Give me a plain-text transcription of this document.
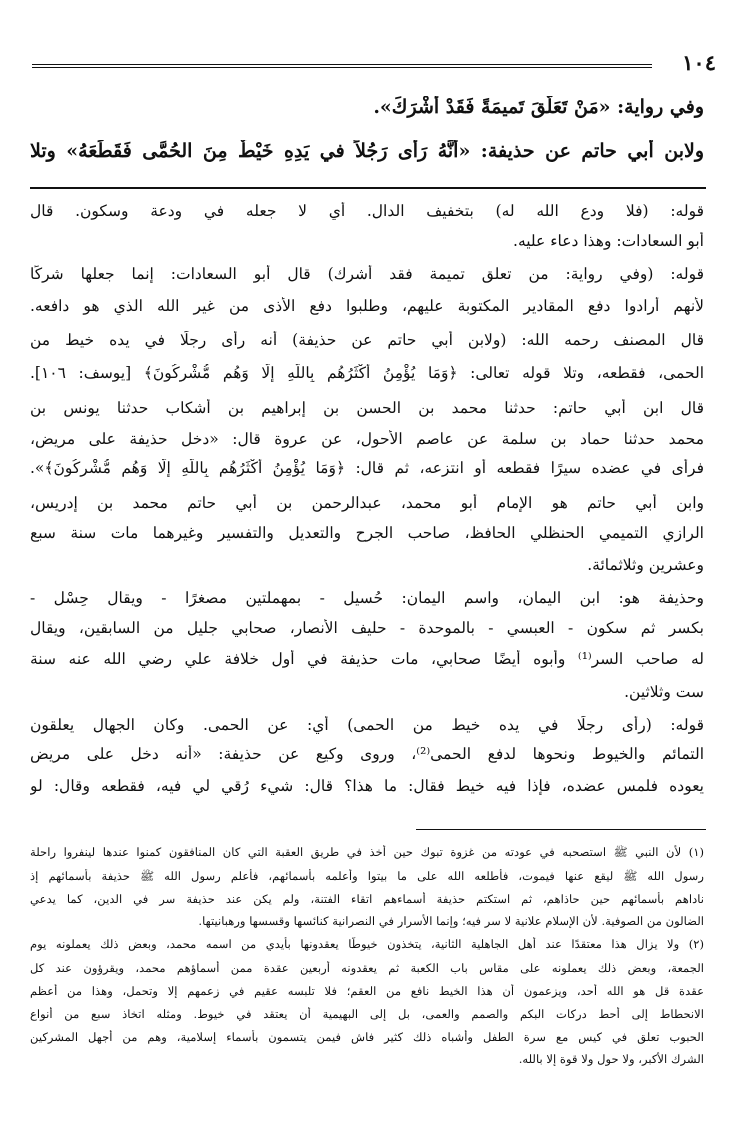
١٠٤
وفي رواية: «مَنْ تَعَلَّقَ تَميمَةً فَقَدْ أَشْرَكَ».
ولابن أبي حاتم عن حذيفة: «أَنَّهُ رَأَى رَجُلاً في يَدِهِ خَيْطٌ مِنَ الحُمَّى فَقَطَعَهُ» وتلا
قوله: (فلا ودع الله له) بتخفيف الدال. أي لا جعله في ودعة وسكون. قال
أبو السعادات: وهذا دعاء عليه.
قوله: (وفي رواية: من تعلق تميمة فقد أشرك) قال أبو السعادات: إنما جعلها شركًا
لأنهم أرادوا دفع المقادير المكتوبة عليهم، وطلبوا دفع الأذى من غير الله الذي هو دافعه.
قال المصنف رحمه الله: (ولابن أبي حاتم عن حذيفة) أنه رأى رجلًا في يده خيط من
الحمى، فقطعه، وتلا قوله تعالى: ﴿وَمَا يُؤْمِنُ أَكْثَرُهُم بِاللَّهِ إِلَّا وَهُم مُّشْرِكُونَ﴾ [يوسف: ١٠٦].
قال ابن أبي حاتم: حدثنا محمد بن الحسن بن إبراهيم بن أشكاب حدثنا يونس بن
محمد حدثنا حماد بن سلمة عن عاصم الأحول، عن عروة قال: «دخل حذيفة على مريض،
فرأى في عضده سيرًا فقطعه أو انتزعه، ثم قال: ﴿وَمَا يُؤْمِنُ أَكْثَرُهُم بِاللَّهِ إِلَّا وَهُم مُّشْرِكُونَ﴾».
وابن أبي حاتم هو الإمام أبو محمد، عبدالرحمن بن أبي حاتم محمد بن إدريس،
الرازي التميمي الحنظلي الحافظ، صاحب الجرح والتعديل والتفسير وغيرهما مات سنة سبع
وعشرين وثلاثمائة.
وحذيفة هو: ابن اليمان، واسم اليمان: حُسيل - بمهملتين مصغرًا - ويقال حِسْل -
بكسر ثم سكون - العبسي - بالموحدة - حليف الأنصار، صحابي جليل من السابقين، ويقال
له صاحب السر⁽¹⁾ وأبوه أيضًا صحابي، مات حذيفة في أول خلافة علي رضي الله عنه سنة
ست وثلاثين.
قوله: (رأى رجلًا في يده خيط من الحمى) أي: عن الحمى. وكان الجهال يعلقون
التمائم والخيوط ونحوها لدفع الحمى⁽²⁾، وروى وكيع عن حذيفة: «أنه دخل على مريض
يعوده فلمس عضده، فإذا فيه خيط فقال: ما هذا؟ قال: شيء رُقي لي فيه، فقطعه وقال: لو
(١) لأن النبي ﷺ استصحبه في عودته من غزوة تبوك حين أخذ في طريق العقبة التي كان المنافقون كمنوا عندها لينفروا راحلة
رسول الله ﷺ ليقع عنها فيموت، فأطلعه الله على ما بيتوا وأعلمه بأسمائهم، فأعلم رسول الله ﷺ حذيفة بأسمائهم إذ
ناداهم بأسمائهم حين حاذاهم، ثم استكتم حذيفة أسماءهم اتقاء الفتنة، ولم يكن عند حذيفة سر في الدين، كما يدعي
الضالون من الصوفية. لأن الإسلام علانية لا سر فيه؛ وإنما الأسرار في النصرانية كنائسها وقسسها ورهبانيتها.
(٢) ولا يزال هذا معتقدًا عند أهل الجاهلية الثانية، يتخذون خيوطًا يعقدونها بأيدي من اسمه محمد، وبعض ذلك يعملونه يوم
الجمعة، وبعض ذلك يعملونه على مقاس باب الكعبة ثم يعقدونه أربعين عقدة ممن أسماؤهم محمد، ويقرؤون عند كل
عقدة قل هو الله أحد، ويزعمون أن هذا الخيط نافع من العقم؛ فلا تلبسه عقيم في زعمهم إلا وتحمل، وهذا من أعظم
الانحطاط إلى أحط دركات البكم والصمم والعمى، بل إلى البهيمية أن يعتقد في خيوط. ومثله اتخاذ سبع من أنواع
الحبوب تعلق في كيس مع سرة الطفل وأشباه ذلك كثير فاش فيمن يتسمون بأسماء إسلامية، وهم من أجهل المشركين
الشرك الأكبر، ولا حول ولا قوة إلا بالله.
